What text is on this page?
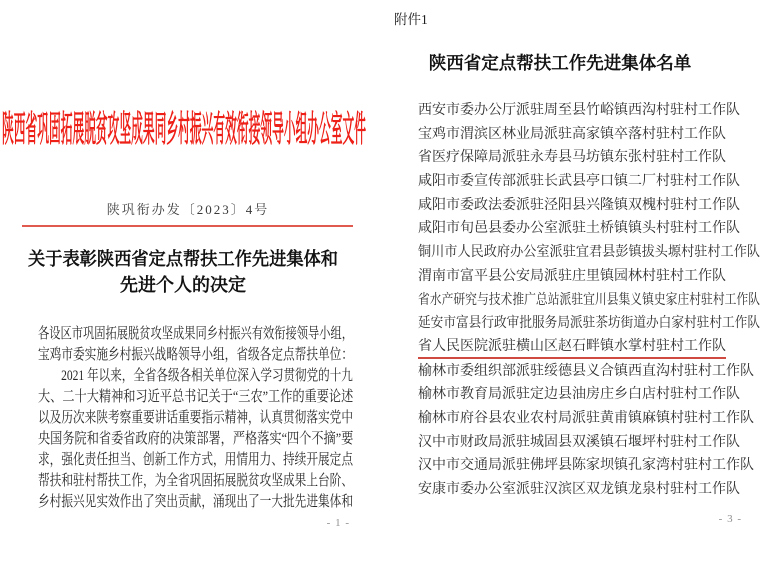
陕西省巩固拓展脱贫攻坚成果同乡村振兴有效衔接领导小组办公室文件
陕巩衔办发〔2023〕4号
关于表彰陕西省定点帮扶工作先进集体和
先进个人的决定
各设区市巩固拓展脱贫攻坚成果同乡村振兴有效衔接领导小组，
宝鸡市委实施乡村振兴战略领导小组，省级各定点帮扶单位：
　　2021 年以来，全省各级各相关单位深入学习贯彻党的十九
大、二十大精神和习近平总书记关于“三农”工作的重要论述
以及历次来陕考察重要讲话重要指示精神，认真贯彻落实党中
央国务院和省委省政府的决策部署，严格落实“四个不摘”要
求，强化责任担当、创新工作方式，用情用力、持续开展定点
帮扶和驻村帮扶工作，为全省巩固拓展脱贫攻坚成果上台阶、
乡村振兴见实效作出了突出贡献，涌现出了一大批先进集体和
- 1 -
附件1
陕西省定点帮扶工作先进集体名单
西安市委办公厅派驻周至县竹峪镇西沟村驻村工作队
宝鸡市渭滨区林业局派驻高家镇卒落村驻村工作队
省医疗保障局派驻永寿县马坊镇东张村驻村工作队
咸阳市委宣传部派驻长武县亭口镇二厂村驻村工作队
咸阳市委政法委派驻泾阳县兴隆镇双槐村驻村工作队
咸阳市旬邑县委办公室派驻土桥镇镇头村驻村工作队
铜川市人民政府办公室派驻宜君县彭镇拔头塬村驻村工作队
渭南市富平县公安局派驻庄里镇园林村驻村工作队
省水产研究与技术推广总站派驻宜川县集义镇史家庄村驻村工作队
延安市富县行政审批服务局派驻茶坊街道办白家村驻村工作队
省人民医院派驻横山区赵石畔镇水掌村驻村工作队
榆林市委组织部派驻绥德县义合镇西直沟村驻村工作队
榆林市教育局派驻定边县油房庄乡白店村驻村工作队
榆林市府谷县农业农村局派驻黄甫镇麻镇村驻村工作队
汉中市财政局派驻城固县双溪镇石堰坪村驻村工作队
汉中市交通局派驻佛坪县陈家坝镇孔家湾村驻村工作队
安康市委办公室派驻汉滨区双龙镇龙泉村驻村工作队
- 3 -
